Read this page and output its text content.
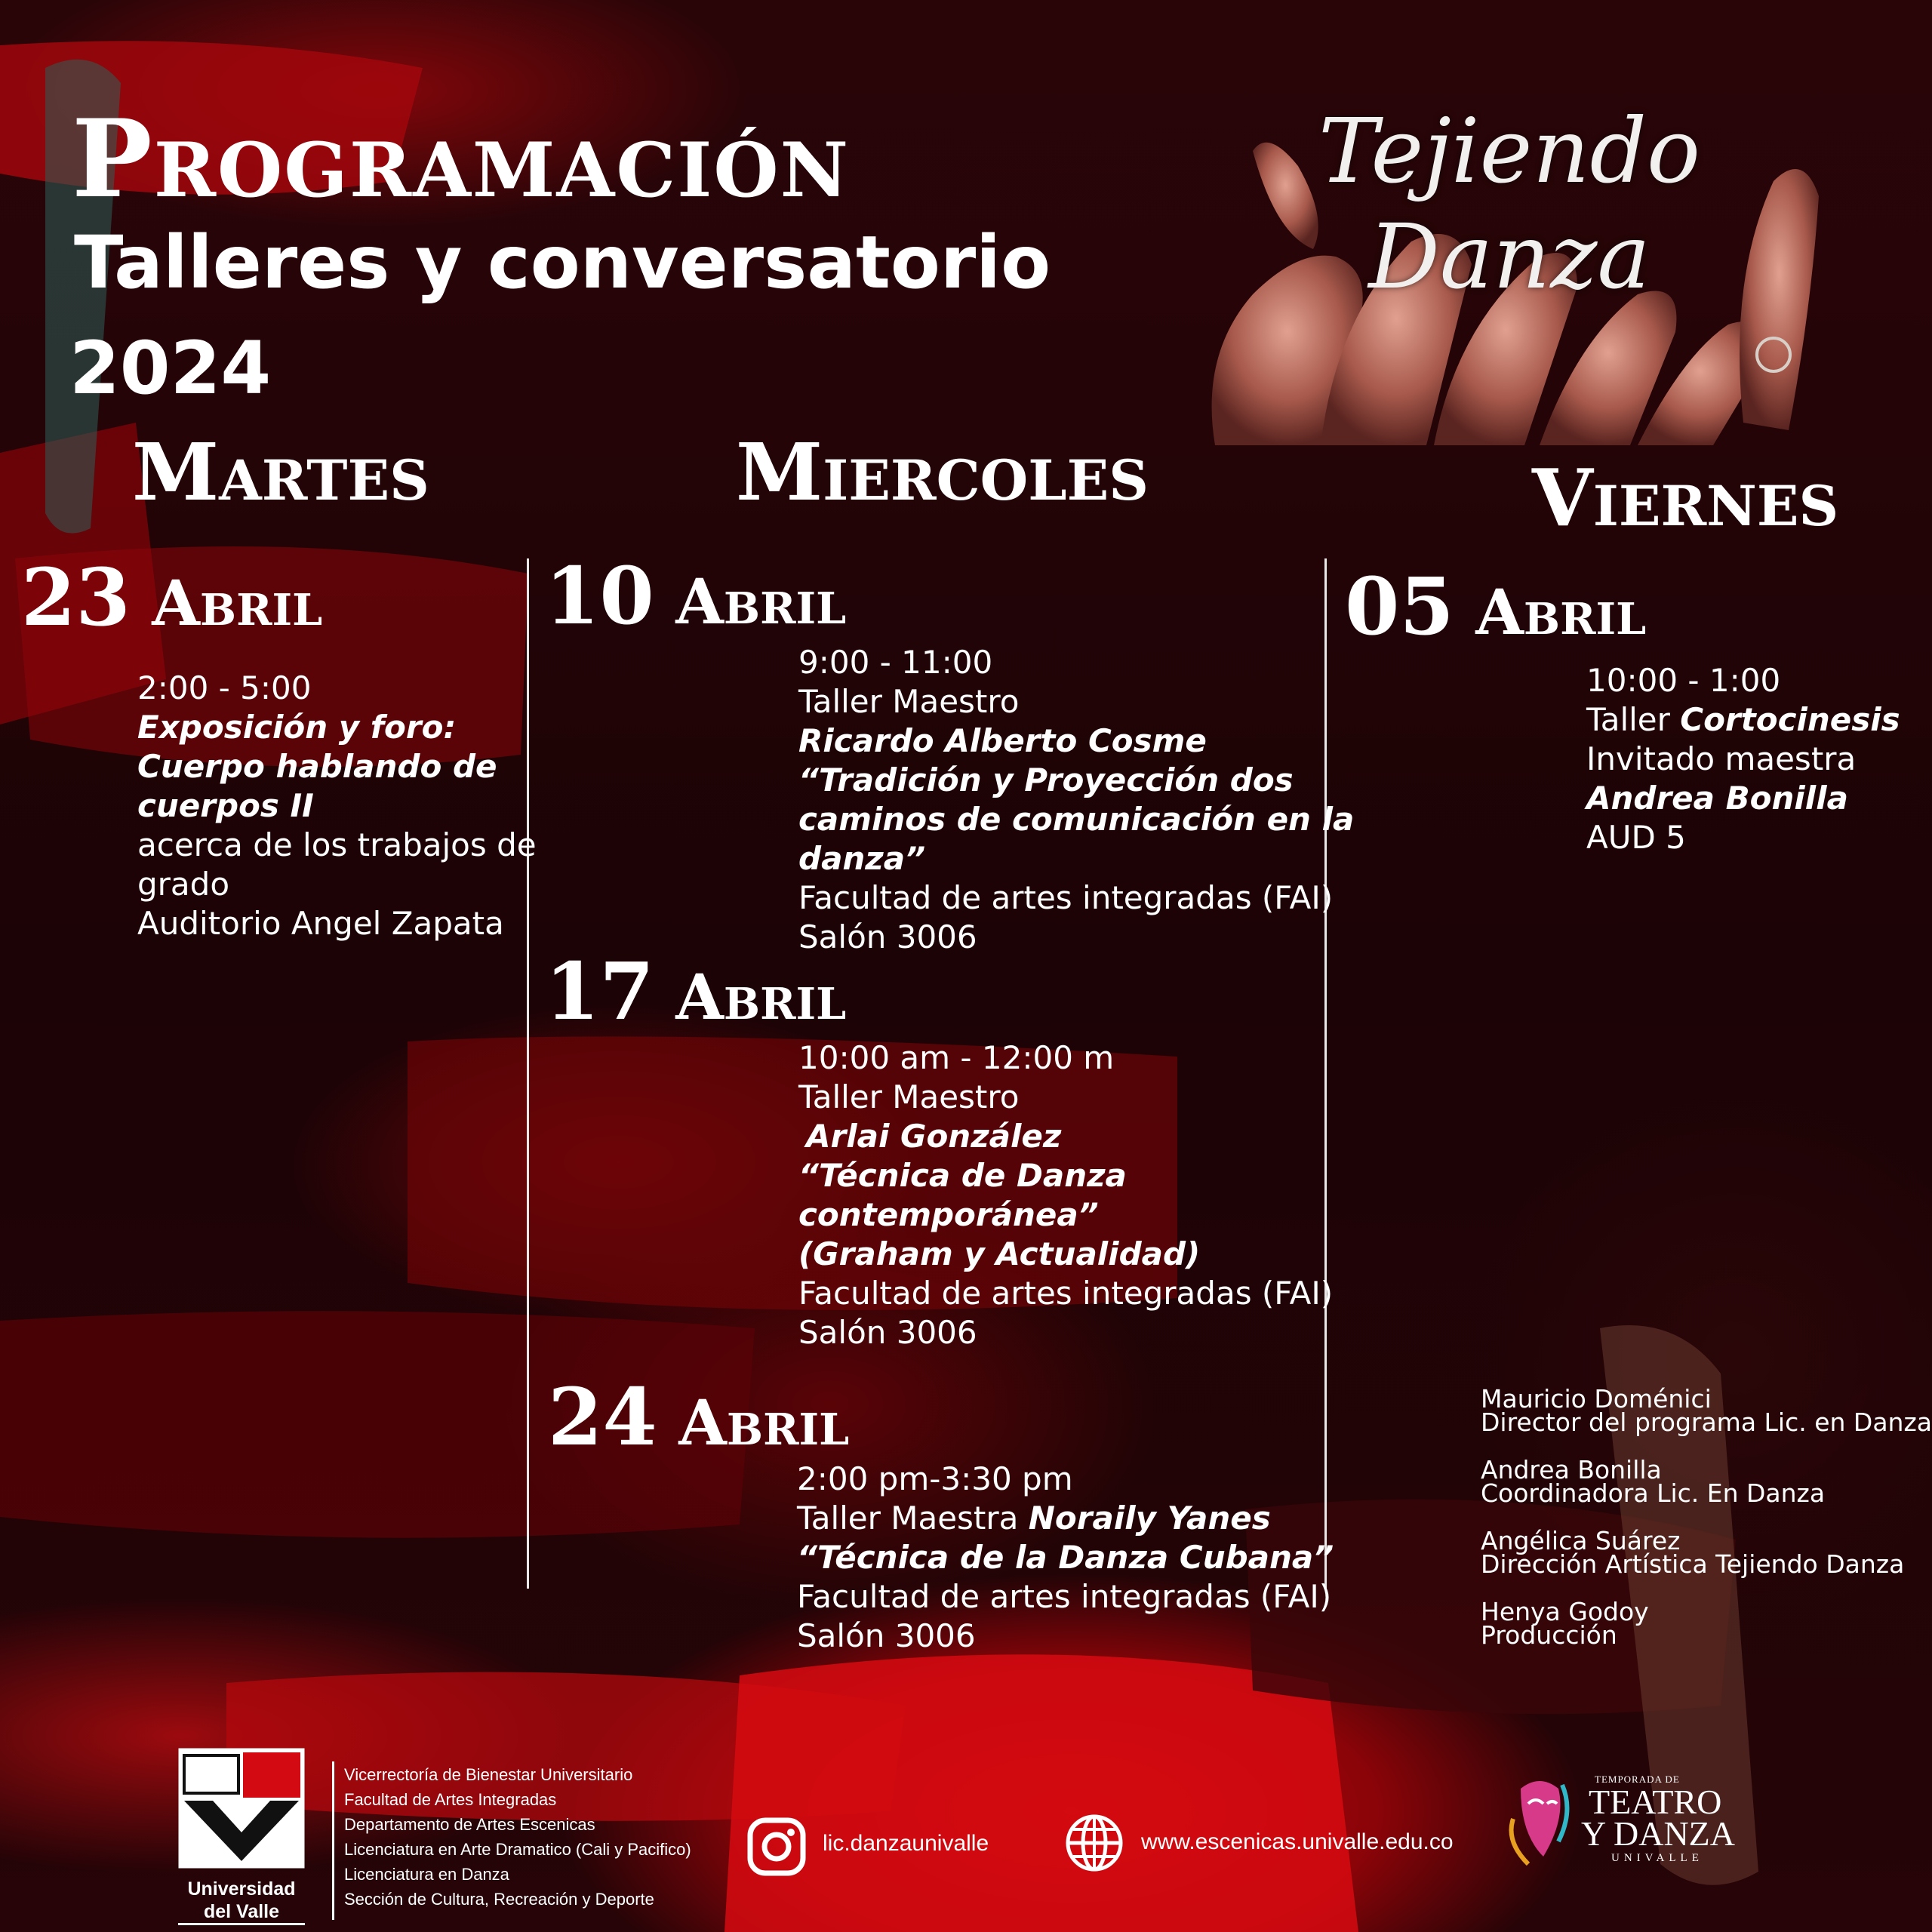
Programación
Talleres y conversatorio
2024
Tejiendo Danza
Martes	Miercoles	Viernes
23 Abril
2:00 - 5:00
Exposición y foro:
Cuerpo hablando de
cuerpos II
acerca de los trabajos de
grado
Auditorio Angel Zapata
10 Abril
9:00 - 11:00
Taller Maestro
Ricardo Alberto Cosme
“Tradición y Proyección dos
caminos de comunicación en la
danza”
Facultad de artes integradas (FAI)
Salón 3006
17 Abril
10:00 am - 12:00 m
Taller Maestro
Arlai González
“Técnica de Danza
contemporánea”
(Graham y Actualidad)
Facultad de artes integradas (FAI)
Salón 3006
24 Abril
2:00 pm-3:30 pm
Taller Maestra Noraily Yanes
“Técnica de la Danza Cubana”
Facultad de artes integradas (FAI)
Salón 3006
05 Abril
10:00 - 1:00
Taller Cortocinesis
Invitado maestra
Andrea Bonilla
AUD 5
Mauricio Doménici
Director del programa Lic. en Danza
Andrea Bonilla
Coordinadora Lic. En Danza
Angélica Suárez
Dirección Artística Tejiendo Danza
Henya Godoy
Producción
Universidad
del Valle
Vicerrectoría de Bienestar Universitario
Facultad de Artes Integradas
Departamento de Artes Escenicas
Licenciatura en Arte Dramatico (Cali y Pacifico)
Licenciatura en Danza
Sección de Cultura, Recreación y Deporte
lic.danzaunivalle	www.escenicas.univalle.edu.co
TEMPORADA DE
TEATRO
Y DANZA
UNIVALLE
